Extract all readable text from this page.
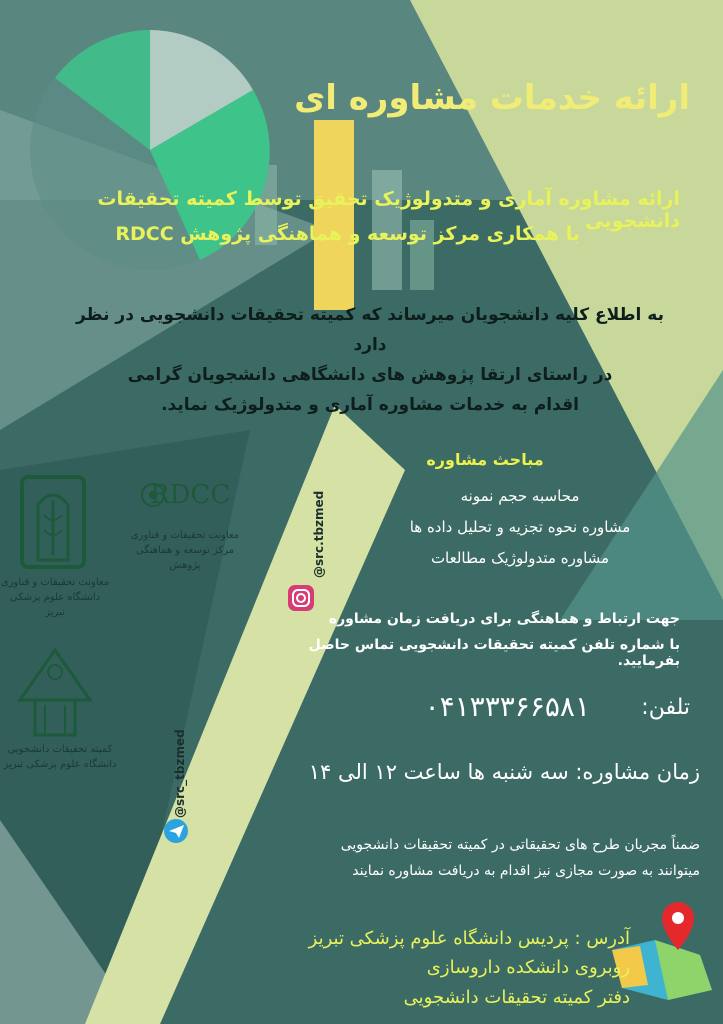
ارائه خدمات مشاوره ای

ارائه مشاوره آماری و متدولوژیک تحقیق توسط کمیته تحقیقات دانشجویی

با همکاری مرکز توسعه و هماهنگی پژوهش RDCC

به اطلاع کلیه دانشجویان میرساند که کمیته تحقیقات دانشجویی در نظر دارد
در راستای ارتقا پژوهش های دانشگاهی دانشجویان گرامی
اقدام به خدمات مشاوره آماری و متدولوژیک نماید.

مباحث مشاوره

محاسبه حجم نمونه

مشاوره نحوه تجزیه و تحلیل داده ها

مشاوره متدولوژیک مطالعات

جهت ارتباط و هماهنگی برای دریافت زمان مشاوره

با شماره تلفن کمیته تحقیقات دانشجویی تماس حاصل بفرمایید.

تلفن:

۰۴۱۳۳۳۶۶۵۸۱

زمان مشاوره: سه شنبه ها ساعت ۱۲ الی ۱۴

ضمناً مجریان طرح های تحقیقاتی در کمیته تحقیقات دانشجویی
میتوانند به صورت مجازی نیز اقدام به دریافت مشاوره نمایند

آدرس : پردیس دانشگاه علوم پزشکی تبریز

روبروی دانشکده داروسازی

دفتر کمیته تحقیقات دانشجویی

@src.tbzmed
@src_tbzmed
RDCC
معاونت تحقیقات و فناوری
مرکز توسعه و هماهنگی پژوهش
معاونت تحقیقات و فناوری
دانشگاه علوم پزشکی تبریز
کمیته تحقیقات دانشجویی
دانشگاه علوم پزشکی تبریز
